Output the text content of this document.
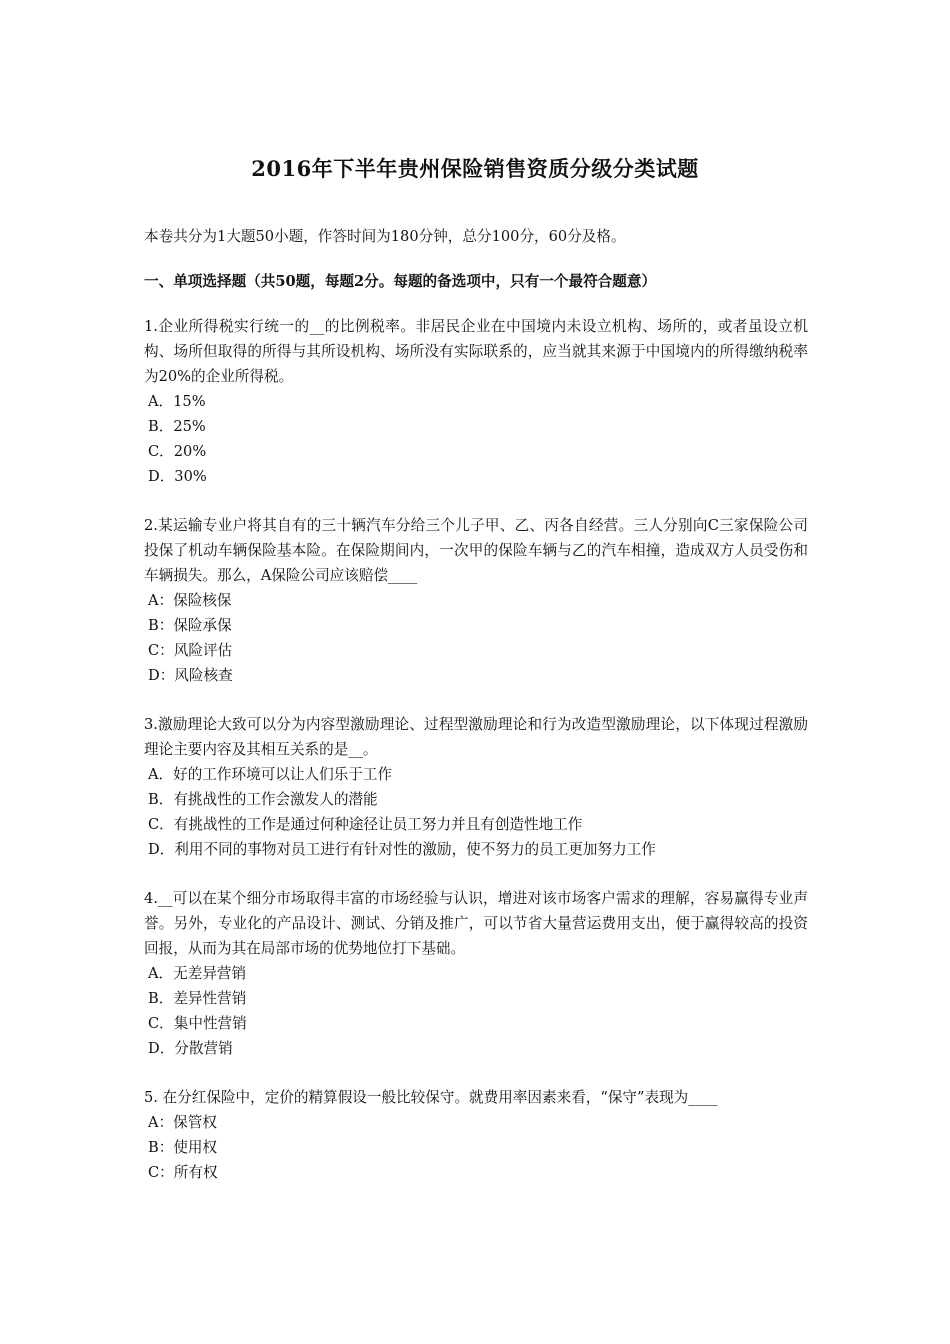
2016年下半年贵州保险销售资质分级分类试题

本卷共分为1大题50小题，作答时间为180分钟，总分100分，60分及格。

一、单项选择题（共50题，每题2分。每题的备选项中，只有一个最符合题意）

1.企业所得税实行统一的__的比例税率。非居民企业在中国境内未设立机构、场所的，或者虽设立机构、场所但取得的所得与其所设机构、场所没有实际联系的，应当就其来源于中国境内的所得缴纳税率为20%的企业所得税。

A．15%

B．25%

C．20%

D．30%

2.某运输专业户将其自有的三十辆汽车分给三个儿子甲、乙、丙各自经营。三人分别向C三家保险公司投保了机动车辆保险基本险。在保险期间内，一次甲的保险车辆与乙的汽车相撞，造成双方人员受伤和车辆损失。那么，A保险公司应该赔偿____

A：保险核保

B：保险承保

C：风险评估

D：风险核查

3.激励理论大致可以分为内容型激励理论、过程型激励理论和行为改造型激励理论，以下体现过程激励理论主要内容及其相互关系的是__。

A．好的工作环境可以让人们乐于工作

B．有挑战性的工作会激发人的潜能

C．有挑战性的工作是通过何种途径让员工努力并且有创造性地工作

D．利用不同的事物对员工进行有针对性的激励，使不努力的员工更加努力工作

4.__可以在某个细分市场取得丰富的市场经验与认识，增进对该市场客户需求的理解，容易赢得专业声誉。另外，专业化的产品设计、测试、分销及推广，可以节省大量营运费用支出，便于赢得较高的投资回报，从而为其在局部市场的优势地位打下基础。

A．无差异营销

B．差异性营销

C．集中性营销

D．分散营销

5. 在分红保险中，定价的精算假设一般比较保守。就费用率因素来看，“保守”表现为____

A：保管权

B：使用权

C：所有权
